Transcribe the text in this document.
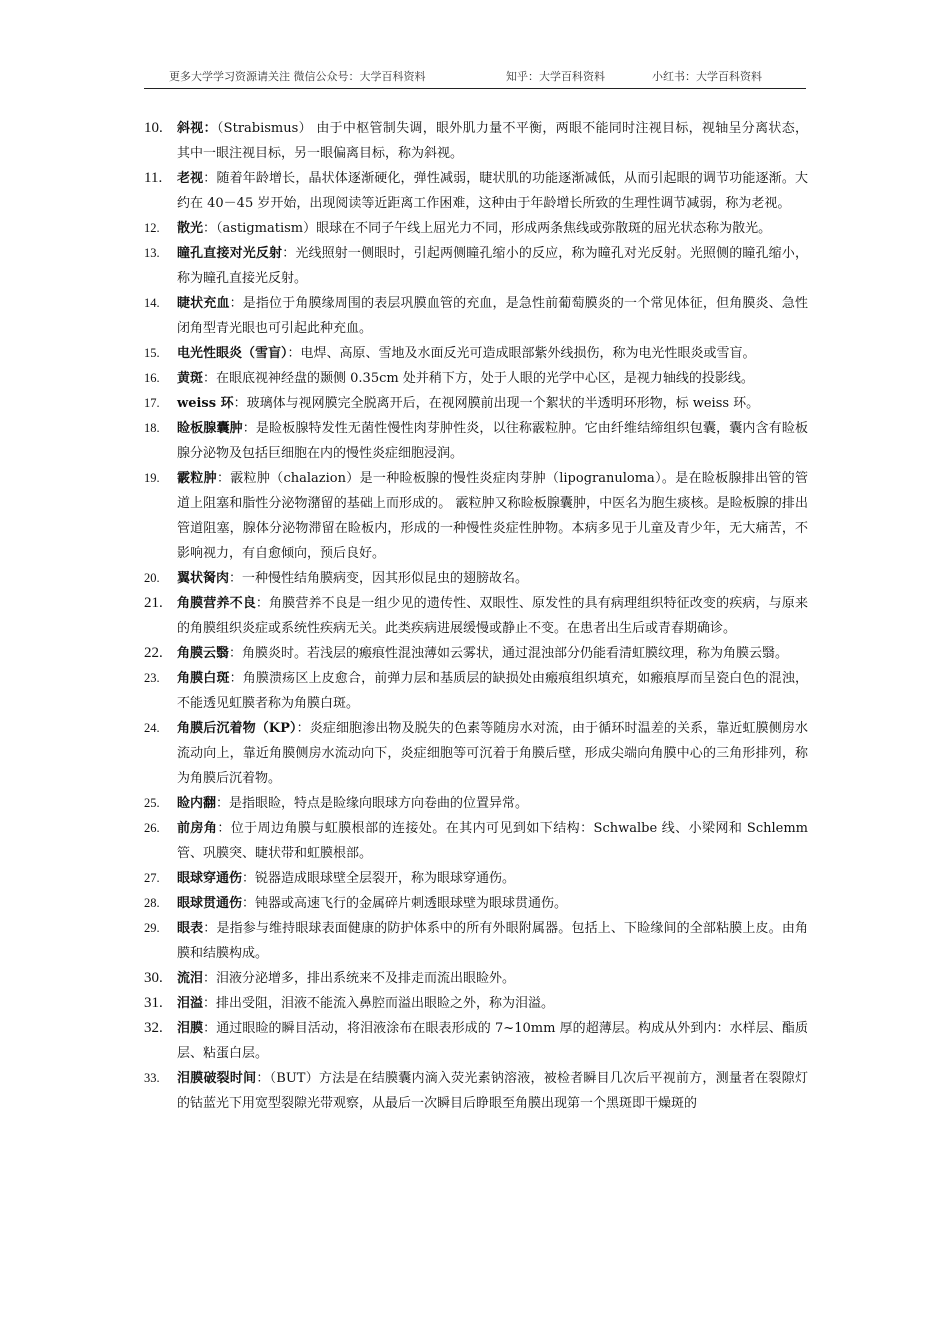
更多大学学习资源请关注 微信公众号：大学百科资料	知乎：大学百科资料	小红书：大学百科资料
10. 斜视：（Strabismus） 由于中枢管制失调，眼外肌力量不平衡，两眼不能同时注视目标，视轴呈分离状态，其中一眼注视目标，另一眼偏离目标，称为斜视。
11. 老视：随着年龄增长，晶状体逐渐硬化，弹性减弱，睫状肌的功能逐渐减低，从而引起眼的调节功能逐渐。大约在 40－45 岁开始，出现阅读等近距离工作困难，这种由于年龄增长所致的生理性调节减弱，称为老视。
12. 散光：（astigmatism）眼球在不同子午线上屈光力不同，形成两条焦线或弥散斑的屈光状态称为散光。
13. 瞳孔直接对光反射：光线照射一侧眼时，引起两侧瞳孔缩小的反应，称为瞳孔对光反射。光照侧的瞳孔缩小，称为瞳孔直接光反射。
14. 睫状充血：是指位于角膜缘周围的表层巩膜血管的充血，是急性前葡萄膜炎的一个常见体征，但角膜炎、急性闭角型青光眼也可引起此种充血。
15. 电光性眼炎（雪盲）：电焊、高原、雪地及水面反光可造成眼部紫外线损伤，称为电光性眼炎或雪盲。
16. 黄斑：在眼底视神经盘的颞侧 0.35cm 处并稍下方，处于人眼的光学中心区，是视力轴线的投影线。
17. weiss 环：玻璃体与视网膜完全脱离开后，在视网膜前出现一个絮状的半透明环形物，标 weiss 环。
18. 睑板腺囊肿：是睑板腺特发性无菌性慢性肉芽肿性炎，以往称霰粒肿。它由纤维结缔组织包囊，囊内含有睑板腺分泌物及包括巨细胞在内的慢性炎症细胞浸润。
19. 霰粒肿：霰粒肿（chalazion）是一种睑板腺的慢性炎症肉芽肿（lipogranuloma）。是在睑板腺排出管的管道上阻塞和脂性分泌物潴留的基础上而形成的。 霰粒肿又称睑板腺囊肿，中医名为胞生痰核。是睑板腺的排出管道阻塞，腺体分泌物滞留在睑板内，形成的一种慢性炎症性肿物。本病多见于儿童及青少年，无大痛苦，不影响视力，有自愈倾向，预后良好。
20. 翼状胬肉：一种慢性结角膜病变，因其形似昆虫的翅膀故名。
21. 角膜营养不良：角膜营养不良是一组少见的遗传性、双眼性、原发性的具有病理组织特征改变的疾病，与原来的角膜组织炎症或系统性疾病无关。此类疾病进展缓慢或静止不变。在患者出生后或青春期确诊。
22. 角膜云翳：角膜炎时。若浅层的瘢痕性混浊薄如云雾状，通过混浊部分仍能看清虹膜纹理，称为角膜云翳。
23. 角膜白斑：角膜溃疡区上皮愈合，前弹力层和基质层的缺损处由瘢痕组织填充，如瘢痕厚而呈瓷白色的混浊，不能透见虹膜者称为角膜白斑。
24. 角膜后沉着物（KP）：炎症细胞渗出物及脱失的色素等随房水对流，由于循环时温差的关系，靠近虹膜侧房水流动向上，靠近角膜侧房水流动向下，炎症细胞等可沉着于角膜后壁，形成尖端向角膜中心的三角形排列，称为角膜后沉着物。
25. 睑内翻：是指眼睑，特点是睑缘向眼球方向卷曲的位置异常。
26. 前房角：位于周边角膜与虹膜根部的连接处。在其内可见到如下结构：Schwalbe 线、小梁网和 Schlemm 管、巩膜突、睫状带和虹膜根部。
27. 眼球穿通伤：锐器造成眼球壁全层裂开，称为眼球穿通伤。
28. 眼球贯通伤：钝器或高速飞行的金属碎片刺透眼球壁为眼球贯通伤。
29. 眼表：是指参与维持眼球表面健康的防护体系中的所有外眼附属器。包括上、下睑缘间的全部粘膜上皮。由角膜和结膜构成。
30. 流泪：泪液分泌增多，排出系统来不及排走而流出眼睑外。
31. 泪溢：排出受阻，泪液不能流入鼻腔而溢出眼睑之外，称为泪溢。
32. 泪膜：通过眼睑的瞬目活动，将泪液涂布在眼表形成的 7~10mm 厚的超薄层。构成从外到内：水样层、酯质层、粘蛋白层。
33. 泪膜破裂时间：（BUT）方法是在结膜囊内滴入荧光素钠溶液，被检者瞬目几次后平视前方，测量者在裂隙灯的钴蓝光下用宽型裂隙光带观察，从最后一次瞬目后睁眼至角膜出现第一个黑斑即干燥斑的
